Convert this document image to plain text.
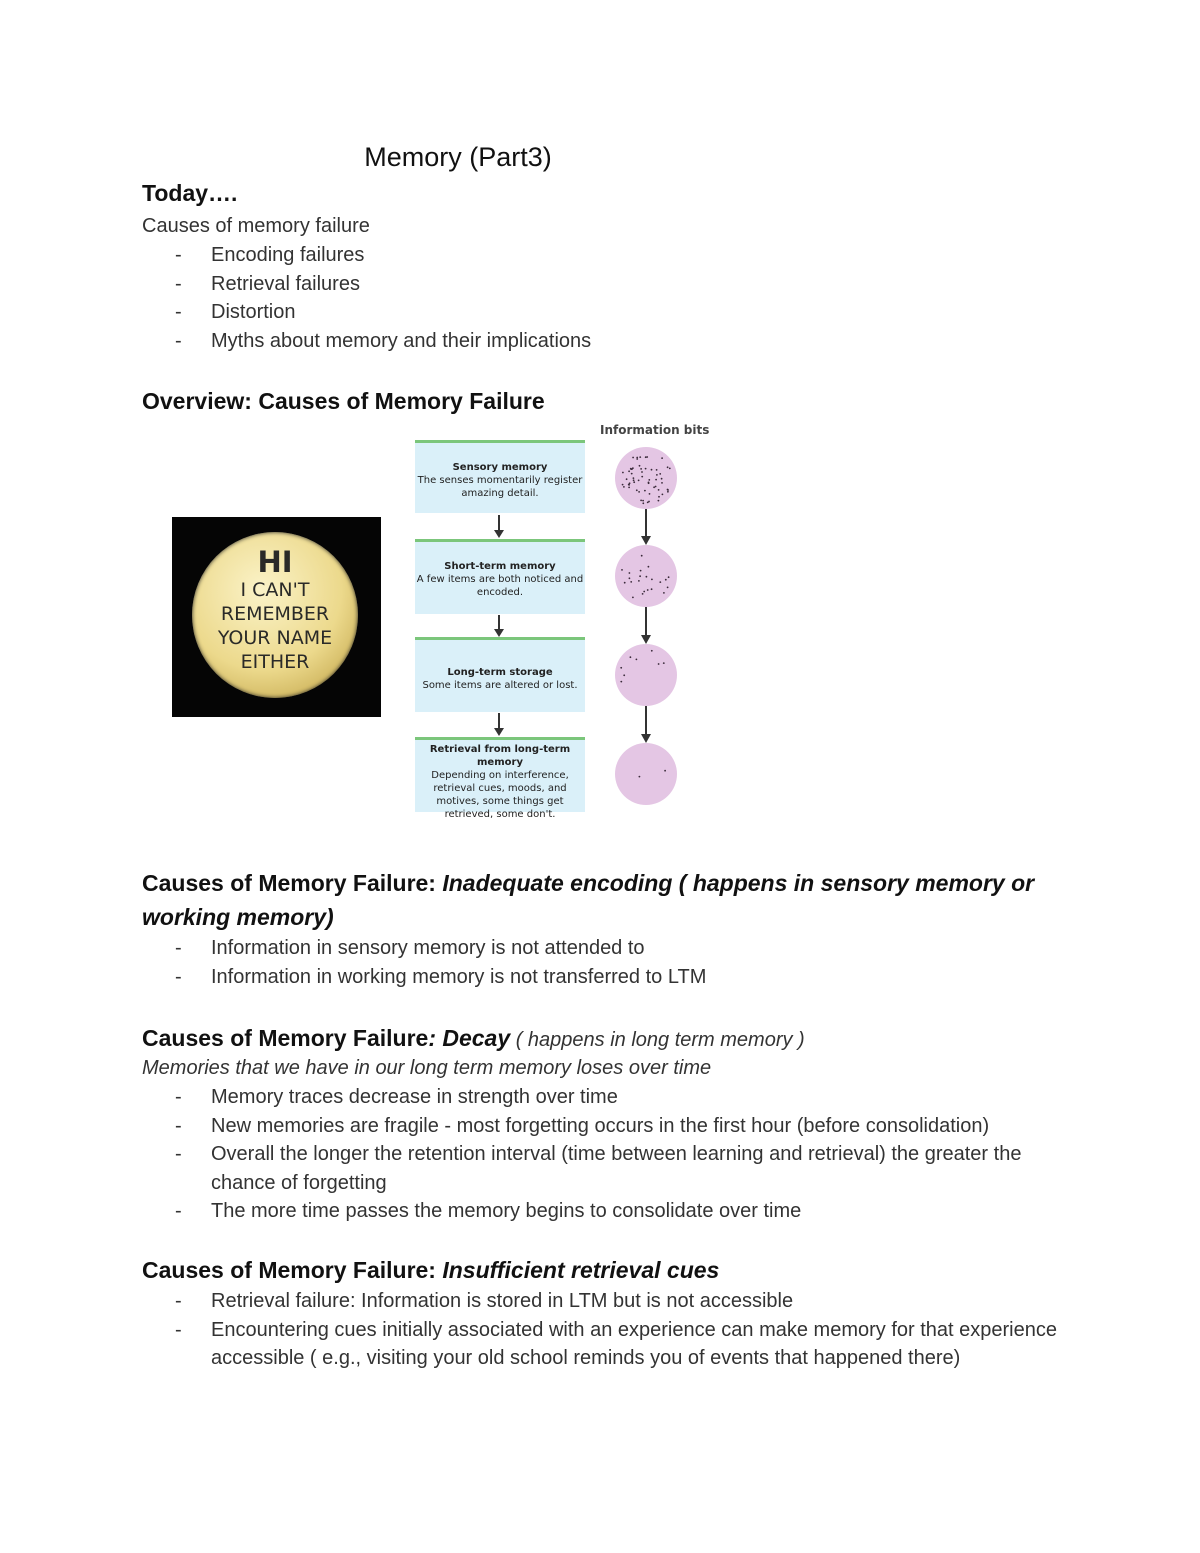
Memory (Part3)
Today….
Causes of memory failure
- Encoding failures
- Retrieval failures
- Distortion
- Myths about memory and their implications
Overview: Causes of Memory Failure
Causes of Memory Failure: Inadequate encoding ( happens in sensory memory or working memory)
- Information in sensory memory is not attended to
- Information in working memory is not transferred to LTM
Causes of Memory Failure: Decay ( happens in long term memory )
Memories that we have in our long term memory loses over time
- Memory traces decrease in strength over time
- New memories are fragile - most forgetting occurs in the first hour (before consolidation)
- Overall the longer the retention interval (time between learning and retrieval) the greater the chance of forgetting
- The more time passes the memory begins to consolidate over time
Causes of Memory Failure: Insufficient retrieval cues
- Retrieval failure: Information is stored in LTM but is not accessible
- Encountering cues initially associated with an experience can make memory for that experience accessible ( e.g., visiting your old school reminds you of events that happened there)
HI
I CAN'T
REMEMBER
YOUR NAME
EITHER
Information bits
Sensory memory
The senses momentarily register amazing detail.
Short-term memory
A few items are both noticed and encoded.
Long-term storage
Some items are altered or lost.
Retrieval from long-term memory
Depending on interference, retrieval cues, moods, and motives, some things get retrieved, some don't.
